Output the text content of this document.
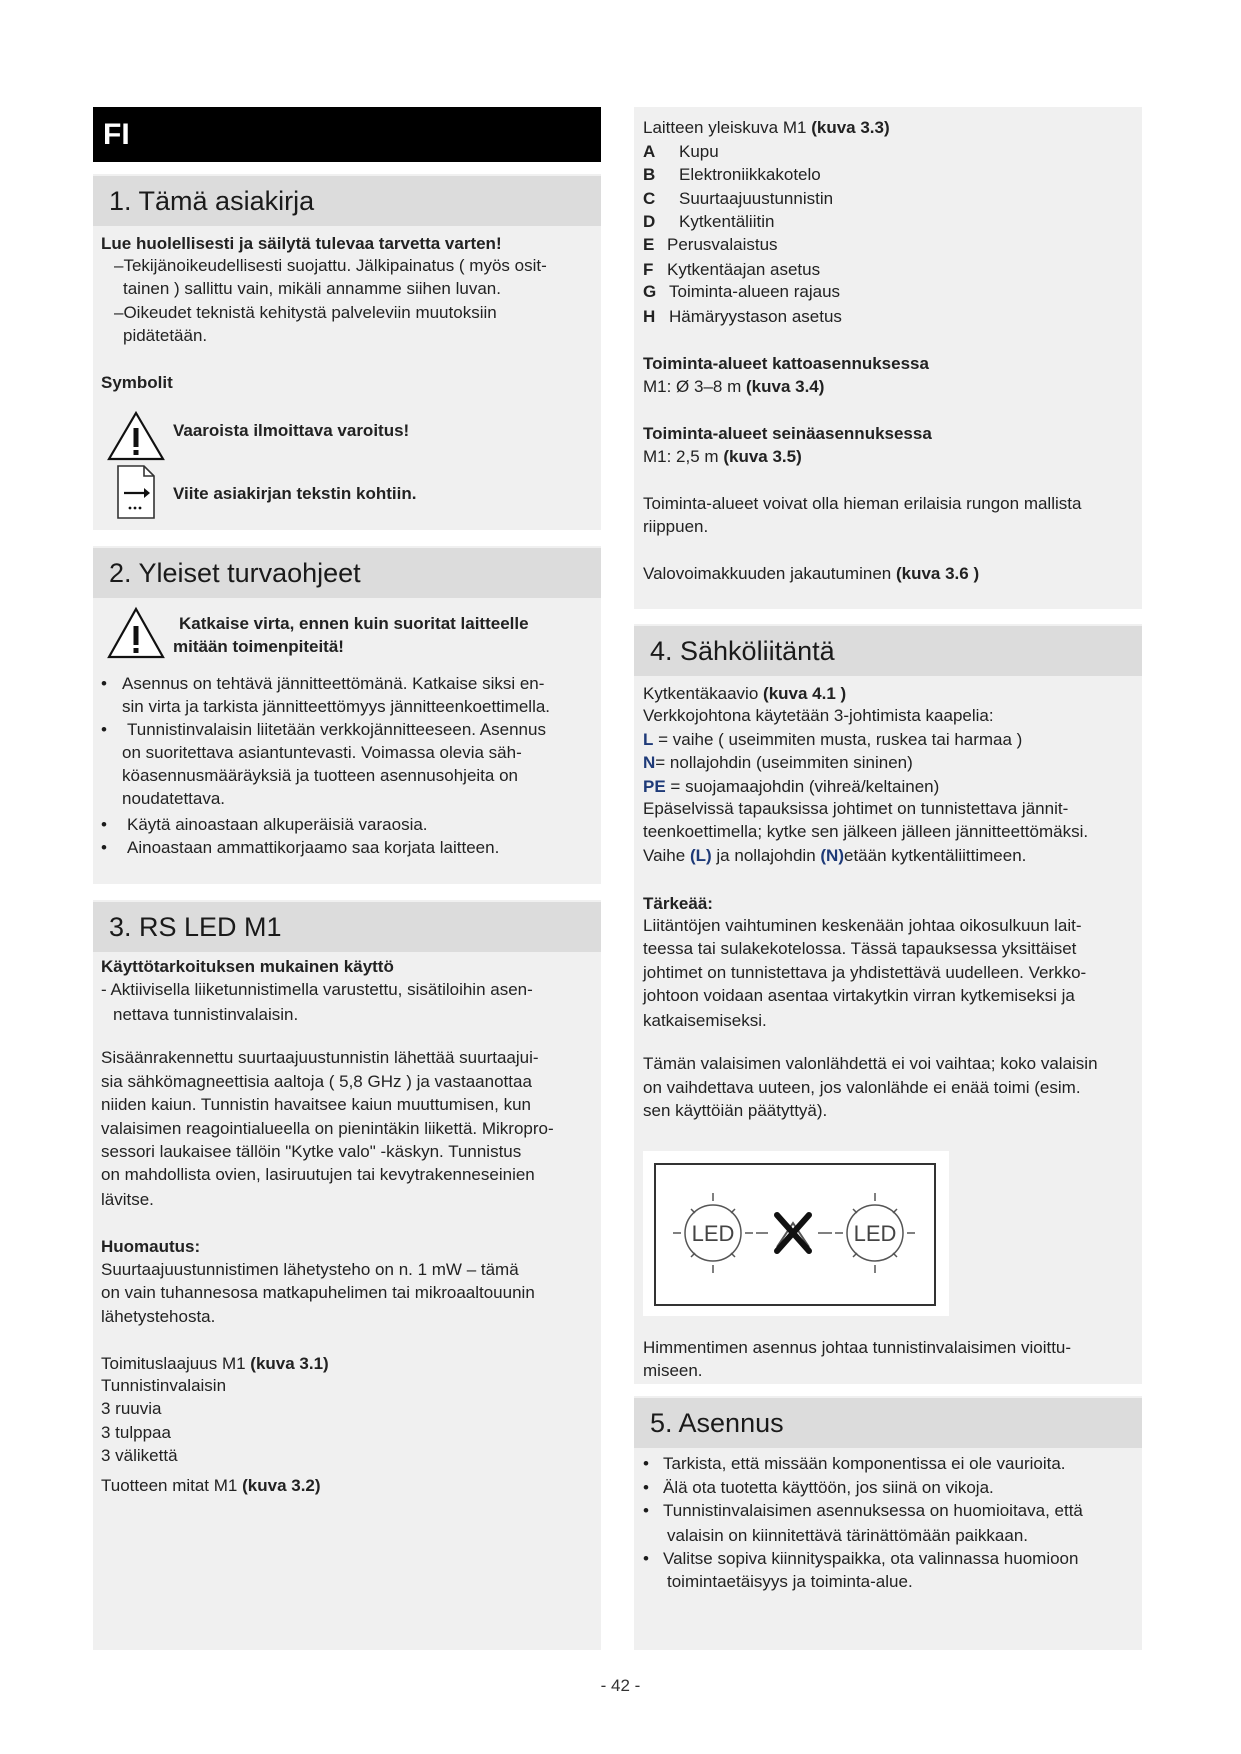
FI
1. Tämä asiakirja
Lue huolellisesti ja säilytä tulevaa tarvetta varten!
–Tekijänoikeudellisesti suojattu. Jälkipainatus ( myös osit-
tainen ) sallittu vain, mikäli annamme siihen luvan.
–Oikeudet teknistä kehitystä palveleviin muutoksiin
pidätetään.
Symbolit
Vaaroista ilmoittava varoitus!
Viite asiakirjan tekstin kohtiin.
2. Yleiset turvaohjeet
Katkaise virta, ennen kuin suoritat laitteelle
mitään toimenpiteitä!
• Asennus on tehtävä jännitteettömänä. Katkaise siksi en-
sin virta ja tarkista jännitteettömyys jännitteenkoettimella.
• Tunnistinvalaisin liitetään verkkojännitteeseen. Asennus
on suoritettava asiantuntevasti. Voimassa olevia säh-
köasennusmääräyksiä ja tuotteen asennusohjeita on
noudatettava.
• Käytä ainoastaan alkuperäisiä varaosia.
• Ainoastaan ammattikorjaamo saa korjata laitteen.
3. RS LED M1
Käyttötarkoituksen mukainen käyttö
- Aktiivisella liiketunnistimella varustettu, sisätiloihin asen-
nettava tunnistinvalaisin.
Sisäänrakennettu suurtaajuustunnistin lähettää suurtaajui-
sia sähkömagneettisia aaltoja ( 5,8 GHz ) ja vastaanottaa
niiden kaiun. Tunnistin havaitsee kaiun muuttumisen, kun
valaisimen reagointialueella on pienintäkin liikettä. Mikropro-
sessori laukaisee tällöin "Kytke valo" -käskyn. Tunnistus
on mahdollista ovien, lasiruutujen tai kevytrakenneseinien
lävitse.
Huomautus:
Suurtaajuustunnistimen lähetysteho on n. 1 mW – tämä
on vain tuhannesosa matkapuhelimen tai mikroaaltouunin
lähetystehosta.
Toimituslaajuus M1 (kuva 3.1)
Tunnistinvalaisin
3 ruuvia
3 tulppaa
3 välikettä
Tuotteen mitat M1 (kuva 3.2)
Laitteen yleiskuva M1 (kuva 3.3)
A Kupu
B Elektroniikkakotelo
C Suurtaajuustunnistin
D Kytkentäliitin
E Perusvalaistus
F Kytkentäajan asetus
G Toiminta-alueen rajaus
H Hämäryystason asetus
Toiminta-alueet kattoasennuksessa
M1: Ø 3–8 m (kuva 3.4)
Toiminta-alueet seinäasennuksessa
M1: 2,5 m (kuva 3.5)
Toiminta-alueet voivat olla hieman erilaisia rungon mallista
riippuen.
Valovoimakkuuden jakautuminen (kuva 3.6 )
4. Sähköliitäntä
Kytkentäkaavio (kuva 4.1 )
Verkkojohtona käytetään 3-johtimista kaapelia:
L = vaihe ( useimmiten musta, ruskea tai harmaa )
N= nollajohdin (useimmiten sininen)
PE = suojamaajohdin (vihreä/keltainen)
Epäselvissä tapauksissa johtimet on tunnistettava jännit-
teenkoettimella; kytke sen jälkeen jälleen jännitteettömäksi.
Vaihe (L) ja nollajohdin (N)etään kytkentäliittimeen.
Tärkeää:
Liitäntöjen vaihtuminen keskenään johtaa oikosulkuun lait-
teessa tai sulakekotelossa. Tässä tapauksessa yksittäiset
johtimet on tunnistettava ja yhdistettävä uudelleen. Verkko-
johtoon voidaan asentaa virtakytkin virran kytkemiseksi ja
katkaisemiseksi.
Tämän valaisimen valonlähdettä ei voi vaihtaa; koko valaisin
on vaihdettava uuteen, jos valonlähde ei enää toimi (esim.
sen käyttöiän päätyttyä).
LED	LED
Himmentimen asennus johtaa tunnistinvalaisimen vioittu-
miseen.
5. Asennus
• Tarkista, että missään komponentissa ei ole vaurioita.
• Älä ota tuotetta käyttöön, jos siinä on vikoja.
• Tunnistinvalaisimen asennuksessa on huomioitava, että
valaisin on kiinnitettävä tärinättömään paikkaan.
• Valitse sopiva kiinnityspaikka, ota valinnassa huomioon
toimintaetäisyys ja toiminta-alue.
- 42 -
